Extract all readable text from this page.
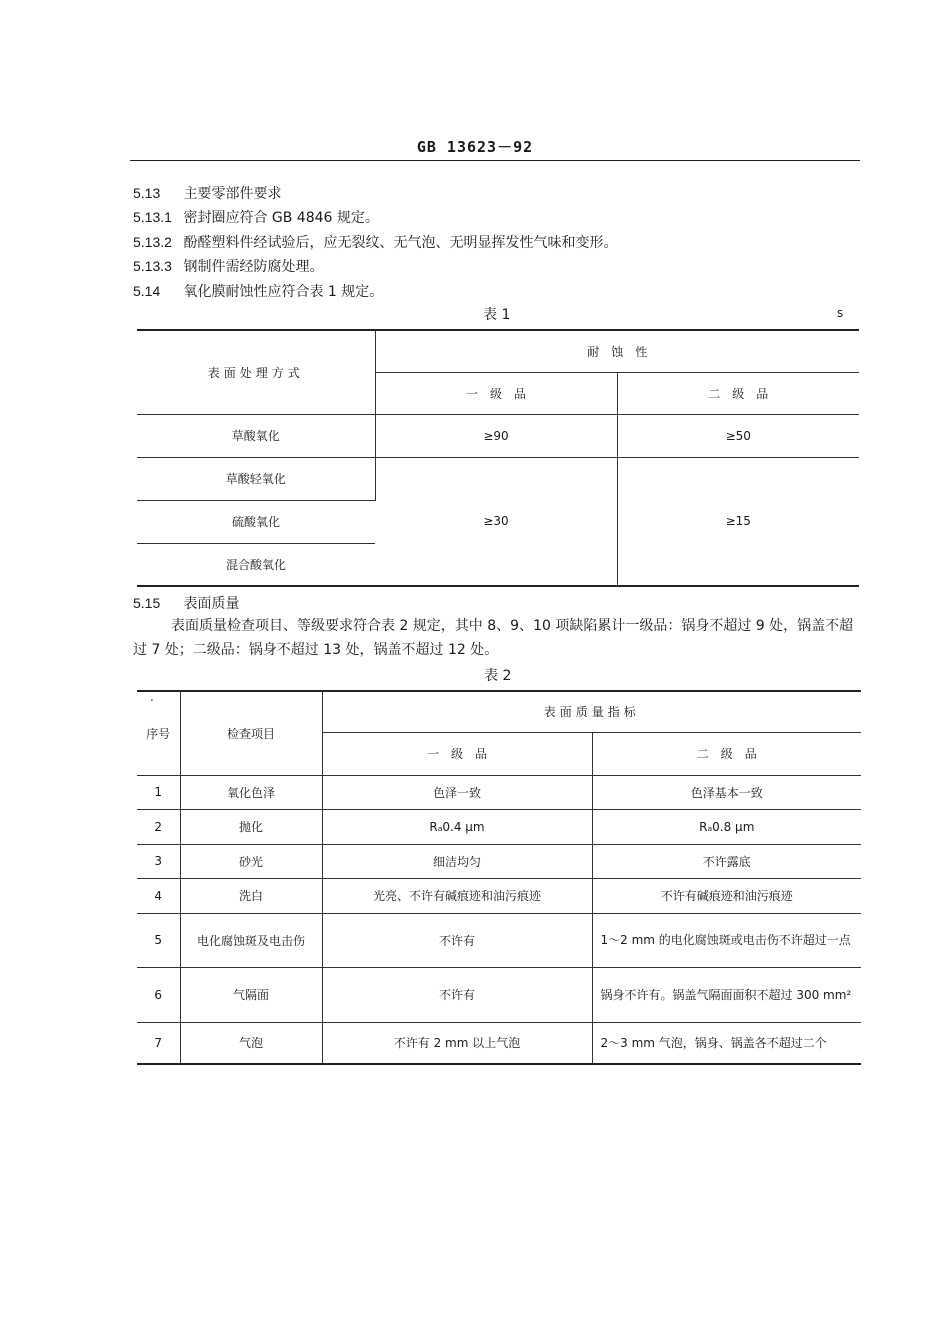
GB 13623－92
5.13 主要零部件要求
5.13.1 密封圈应符合 GB 4846 规定。
5.13.2 酚醛塑料件经试验后，应无裂纹、无气泡、无明显挥发性气味和变形。
5.13.3 钢制件需经防腐处理。
5.14 氧化膜耐蚀性应符合表 1 规定。
表 1	s
表面处理方式	耐　蚀　性	
	一　级　品	二　级　品
草酸氧化	≥90	≥50
草酸轻氧化	≥30	≥15
硫酸氧化		
混合酸氧化		
5.15 表面质量
表面质量检查项目、等级要求符合表 2 规定，其中 8、9、10 项缺陷累计一级品：锅身不超过 9 处，锅盖不超过 7 处；二级品：锅身不超过 13 处，锅盖不超过 12 处。
表 2
.
序号	检查项目	表面质量指标	
		一　级　品	二　级　品
1	氧化色泽	色泽一致	色泽基本一致
2	抛化	Rₐ0.4 μm	Rₐ0.8 μm
3	砂光	细洁均匀	不许露底
4	洗白	光亮、不许有碱痕迹和油污痕迹	不许有碱痕迹和油污痕迹
5	电化腐蚀斑及电击伤	不许有	1～2 mm 的电化腐蚀斑或电击伤不许超过一点
6	气隔面	不许有	锅身不许有。锅盖气隔面面积不超过 300 mm²
7	气泡	不许有 2 mm 以上气泡	2～3 mm 气泡，锅身、锅盖各不超过二个
